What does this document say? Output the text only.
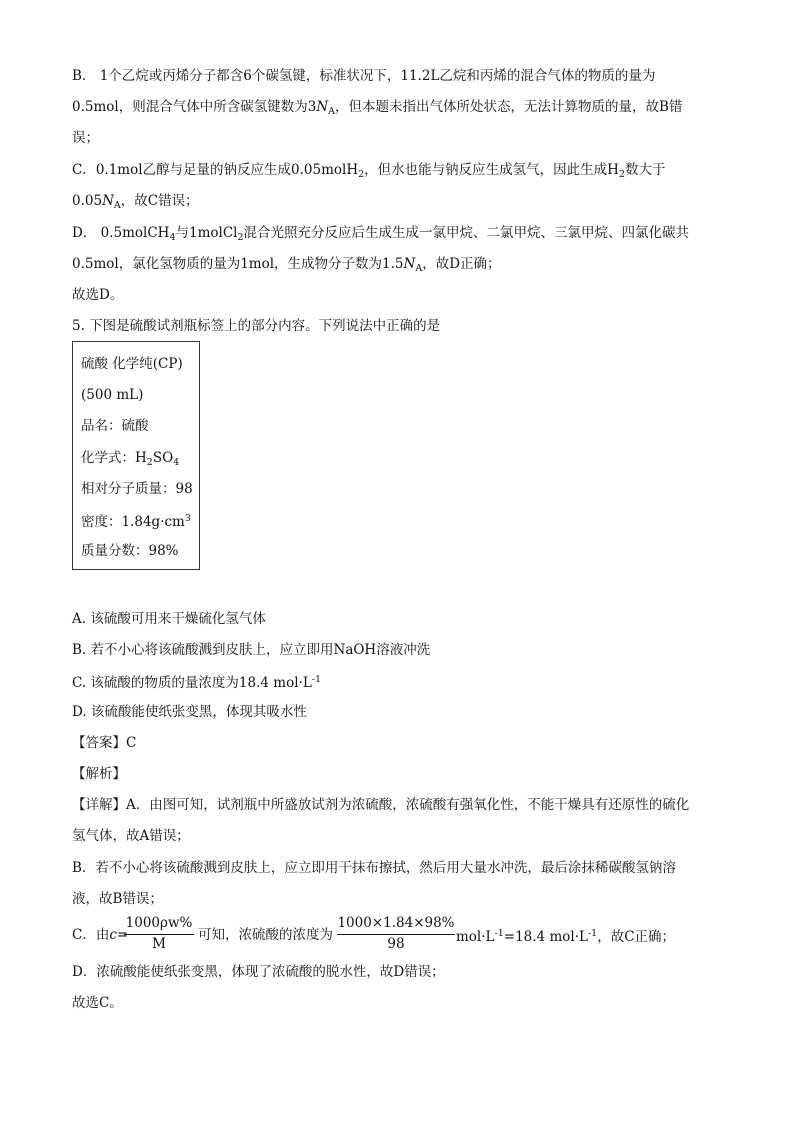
B． 1个乙烷或丙烯分子都含6个碳氢键，标准状况下，11.2L乙烷和丙烯的混合气体的物质的量为
0.5mol，则混合气体中所含碳氢键数为$3N_A$，但本题未指出气体所处状态，无法计算物质的量，故B错
误；
C．0.1mol乙醇与足量的钠反应生成0.05molH$_2$，但水也能与钠反应生成氢气，因此生成$H_2$数大于
$0.05N_A$，故C错误；
D． 0.5molCH$_4$与1molCl$_2$混合光照充分反应后生成生成一氯甲烷、二氯甲烷、三氯甲烷、四氯化碳共
0.5mol，氯化氢物质的量为1mol，生成物分子数为$1.5N_A$，故D正确；
故选D。
5. 下图是硫酸试剂瓶标签上的部分内容。下列说法中正确的是
硫酸 化学纯(CP)
(500 mL)
品名：硫酸
化学式：$H_2SO_4$
相对分子质量：98
密度：$1.84g\cdot cm^3$
质量分数：98%
A. 该硫酸可用来干燥硫化氢气体
B. 若不小心将该硫酸溅到皮肤上，应立即用NaOH溶液冲洗
C. 该硫酸的物质的量浓度为18.4 $mol\cdot L^{-1}$
D. 该硫酸能使纸张变黑，体现其吸水性
【答案】C
【解析】
【详解】A．由图可知，试剂瓶中所盛放试剂为浓硫酸，浓硫酸有强氧化性，不能干燥具有还原性的硫化
氢气体，故A错误；
B．若不小心将该硫酸溅到皮肤上，应立即用干抹布擦拭，然后用大量水冲洗，最后涂抹稀碳酸氢钠溶
液，故B错误；
C．由c=
1000ρw%
M
可知，浓硫酸的浓度为
1000×1.84×98%
98	$mol\cdot L^{-1}=18.4$ $mol\cdot L^{-1}$，故C正确；
D．浓硫酸能使纸张变黑，体现了浓硫酸的脱水性，故D错误；
故选C。
